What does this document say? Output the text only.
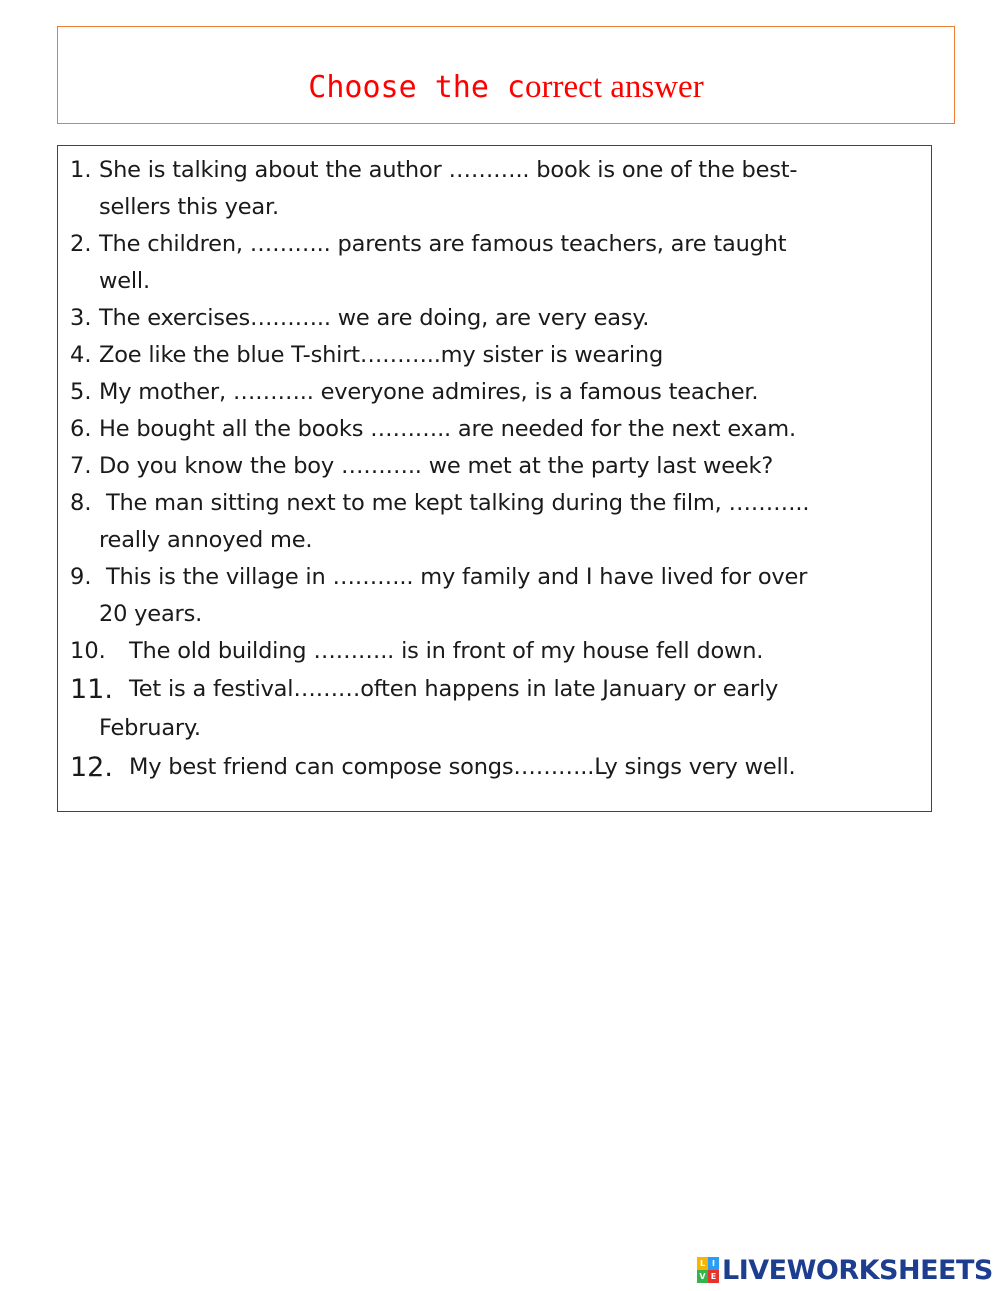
Choose the correct answer
1. She is talking about the author ……….. book is one of the best-
sellers this year.
2. The children, ……….. parents are famous teachers, are taught
well.
3. The exercises……….. we are doing, are very easy.
4. Zoe like the blue T-shirt………..my sister is wearing
5. My mother, ……….. everyone admires, is a famous teacher.
6. He bought all the books ……….. are needed for the next exam.
7. Do you know the boy ……….. we met at the party last week?
8. The man sitting next to me kept talking during the film, ………..
really annoyed me.
9. This is the village in ……….. my family and I have lived for over
20 years.
10.	The old building ……….. is in front of my house fell down.
11. Tet is a festival………often happens in late January or early
February.
12. My best friend can compose songs………..Ly sings very well.
L I
V E LIVEWORKSHEETS
